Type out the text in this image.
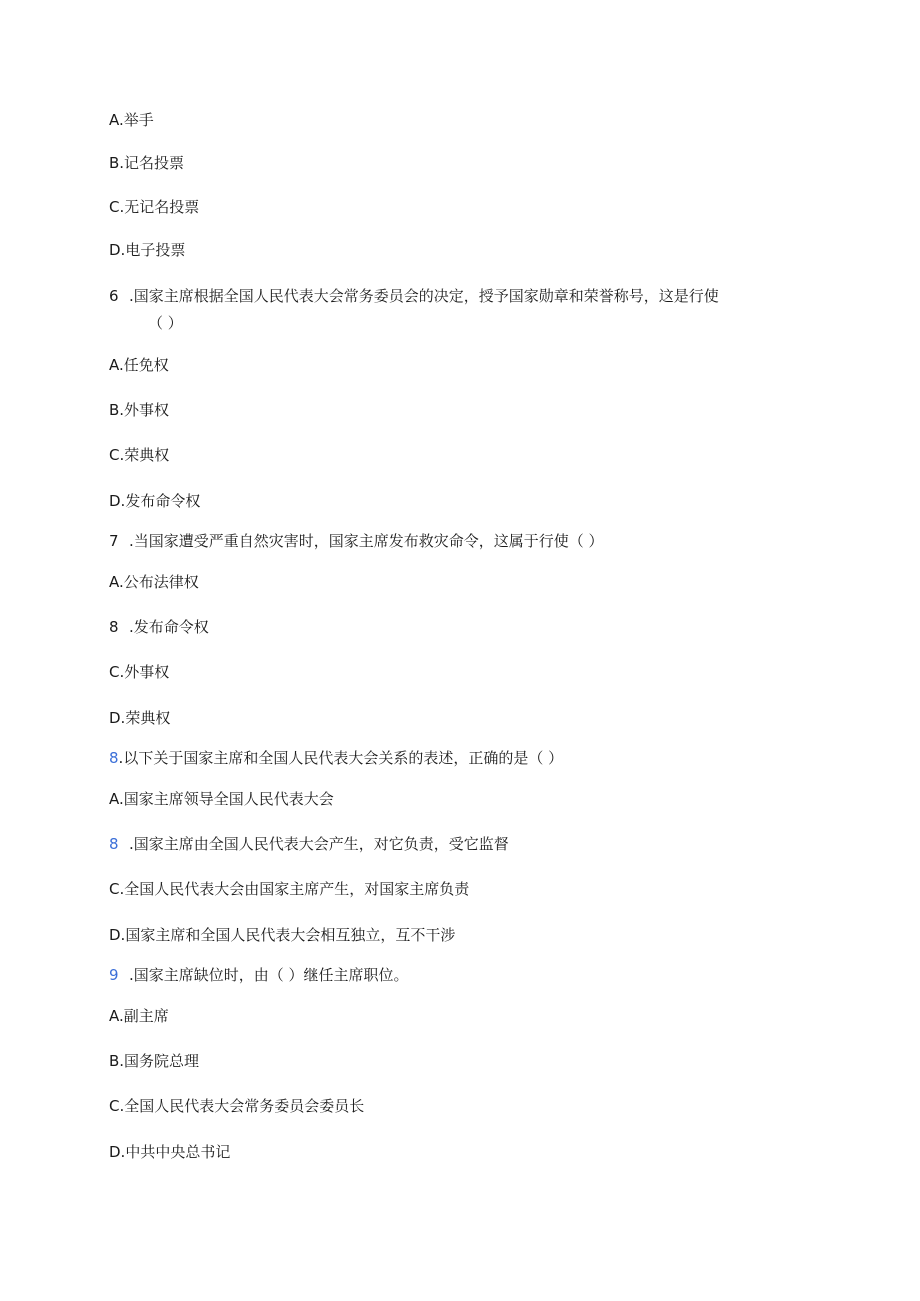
A.举手
B.记名投票
C.无记名投票
D.电子投票
6 .国家主席根据全国人民代表大会常务委员会的决定，授予国家勋章和荣誉称号，这是行使
（ ）
A.任免权
B.外事权
C.荣典权
D.发布命令权
7 .当国家遭受严重自然灾害时，国家主席发布救灾命令，这属于行使（ ）
A.公布法律权
8 .发布命令权
C.外事权
D.荣典权
8.以下关于国家主席和全国人民代表大会关系的表述，正确的是（ ）
A.国家主席领导全国人民代表大会
8 .国家主席由全国人民代表大会产生，对它负责，受它监督
C.全国人民代表大会由国家主席产生，对国家主席负责
D.国家主席和全国人民代表大会相互独立，互不干涉
9 .国家主席缺位时，由（ ）继任主席职位。
A.副主席
B.国务院总理
C.全国人民代表大会常务委员会委员长
D.中共中央总书记
